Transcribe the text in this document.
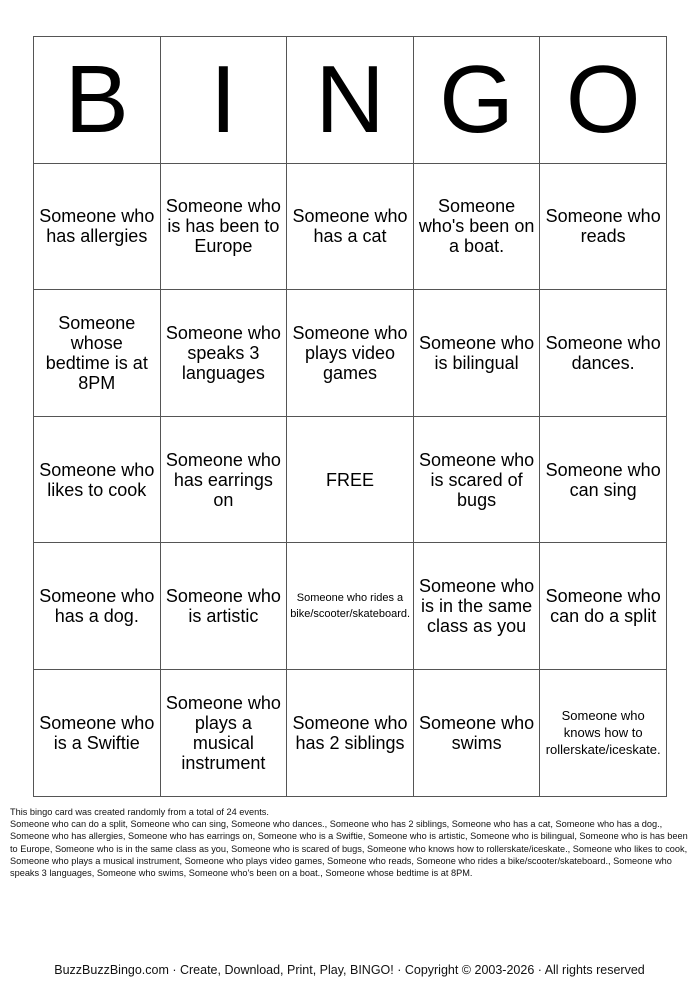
B	I	N	G	O
Someone who has allergies	Someone who is has been to Europe	Someone who has a cat	Someone who's been on a boat.	Someone who reads
Someone whose bedtime is at 8PM	Someone who speaks 3 languages	Someone who plays video games	Someone who is bilingual	Someone who dances.
Someone who likes to cook	Someone who has earrings on	FREE	Someone who is scared of bugs	Someone who can sing
Someone who has a dog.	Someone who is artistic	Someone who rides a bike/scooter/skateboard.	Someone who is in the same class as you	Someone who can do a split
Someone who is a Swiftie	Someone who plays a musical instrument	Someone who has 2 siblings	Someone who swims	Someone who knows how to rollerskate/iceskate.
This bingo card was created randomly from a total of 24 events.
Someone who can do a split, Someone who can sing, Someone who dances., Someone who has 2 siblings, Someone who has a cat, Someone who has a dog., Someone who has allergies, Someone who has earrings on, Someone who is a Swiftie, Someone who is artistic, Someone who is bilingual, Someone who is has been to Europe, Someone who is in the same class as you, Someone who is scared of bugs, Someone who knows how to rollerskate/iceskate., Someone who likes to cook, Someone who plays a musical instrument, Someone who plays video games, Someone who reads, Someone who rides a bike/scooter/skateboard., Someone who speaks 3 languages, Someone who swims, Someone who's been on a boat., Someone whose bedtime is at 8PM.
BuzzBuzzBingo.com · Create, Download, Print, Play, BINGO! · Copyright © 2003-2026 · All rights reserved
